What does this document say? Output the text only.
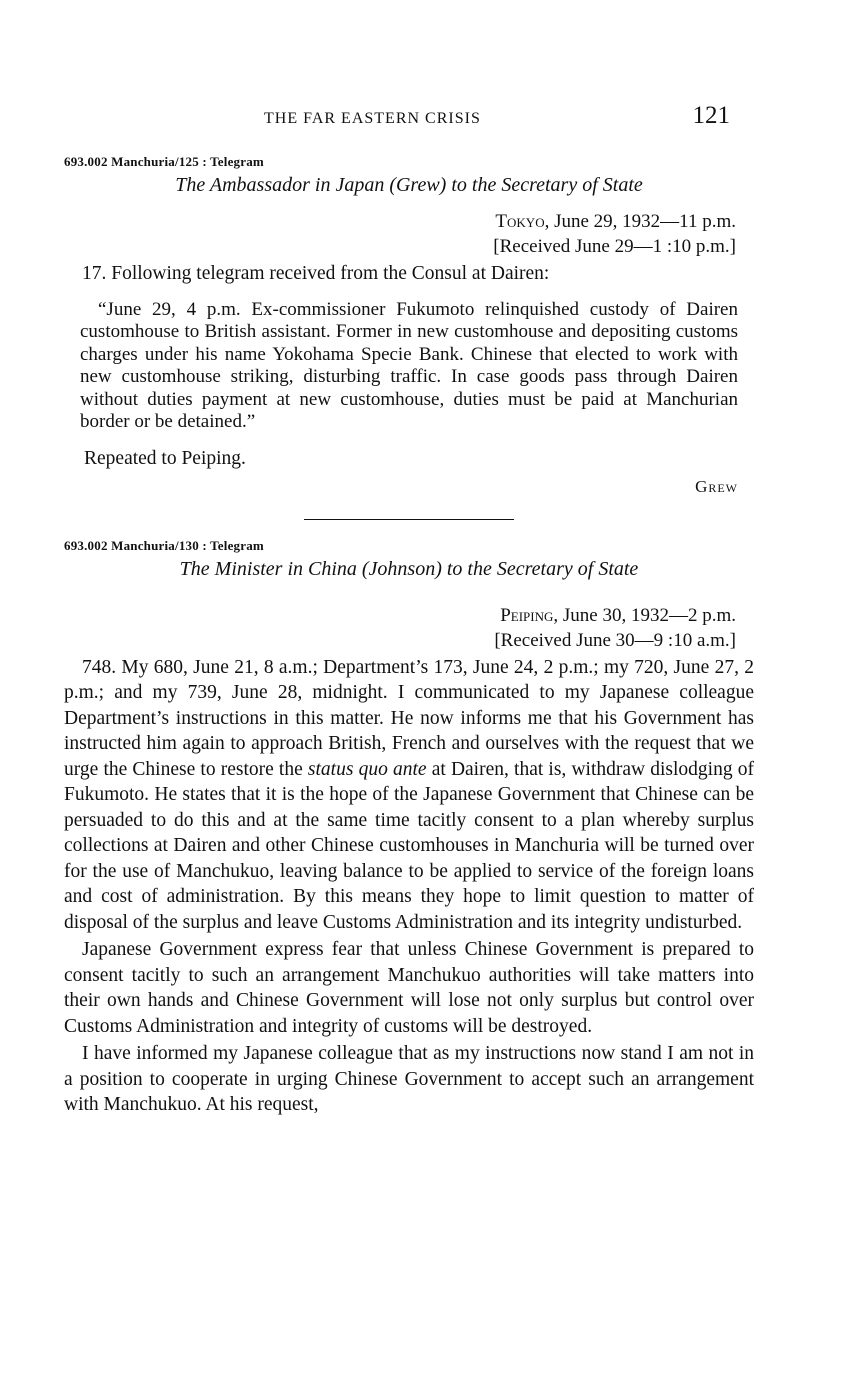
THE FAR EASTERN CRISIS	121
693.002 Manchuria/125 : Telegram
The Ambassador in Japan (Grew) to the Secretary of State
Tokyo, June 29, 1932—11 p.m.
[Received June 29—1 :10 p.m.]

17. Following telegram received from the Consul at Dairen:

“June 29, 4 p.m. Ex-commissioner Fukumoto relinquished custody of Dairen customhouse to British assistant. Former in new customhouse and depositing customs charges under his name Yokohama Specie Bank. Chinese that elected to work with new customhouse striking, disturbing traffic. In case goods pass through Dairen without duties payment at new customhouse, duties must be paid at Manchurian border or be detained.”

Repeated to Peiping.
Grew
693.002 Manchuria/130 : Telegram
The Minister in China (Johnson) to the Secretary of State
Peiping, June 30, 1932—2 p.m.
[Received June 30—9 :10 a.m.]

748. My 680, June 21, 8 a.m.; Department’s 173, June 24, 2 p.m.; my 720, June 27, 2 p.m.; and my 739, June 28, midnight. I communicated to my Japanese colleague Department’s instructions in this matter. He now informs me that his Government has instructed him again to approach British, French and ourselves with the request that we urge the Chinese to restore the status quo ante at Dairen, that is, withdraw dislodging of Fukumoto. He states that it is the hope of the Japanese Government that Chinese can be persuaded to do this and at the same time tacitly consent to a plan whereby surplus collections at Dairen and other Chinese customhouses in Manchuria will be turned over for the use of Manchukuo, leaving balance to be applied to service of the foreign loans and cost of administration. By this means they hope to limit question to matter of disposal of the surplus and leave Customs Administration and its integrity undisturbed.

Japanese Government express fear that unless Chinese Government is prepared to consent tacitly to such an arrangement Manchukuo authorities will take matters into their own hands and Chinese Government will lose not only surplus but control over Customs Administration and integrity of customs will be destroyed.

I have informed my Japanese colleague that as my instructions now stand I am not in a position to cooperate in urging Chinese Government to accept such an arrangement with Manchukuo. At his request,
